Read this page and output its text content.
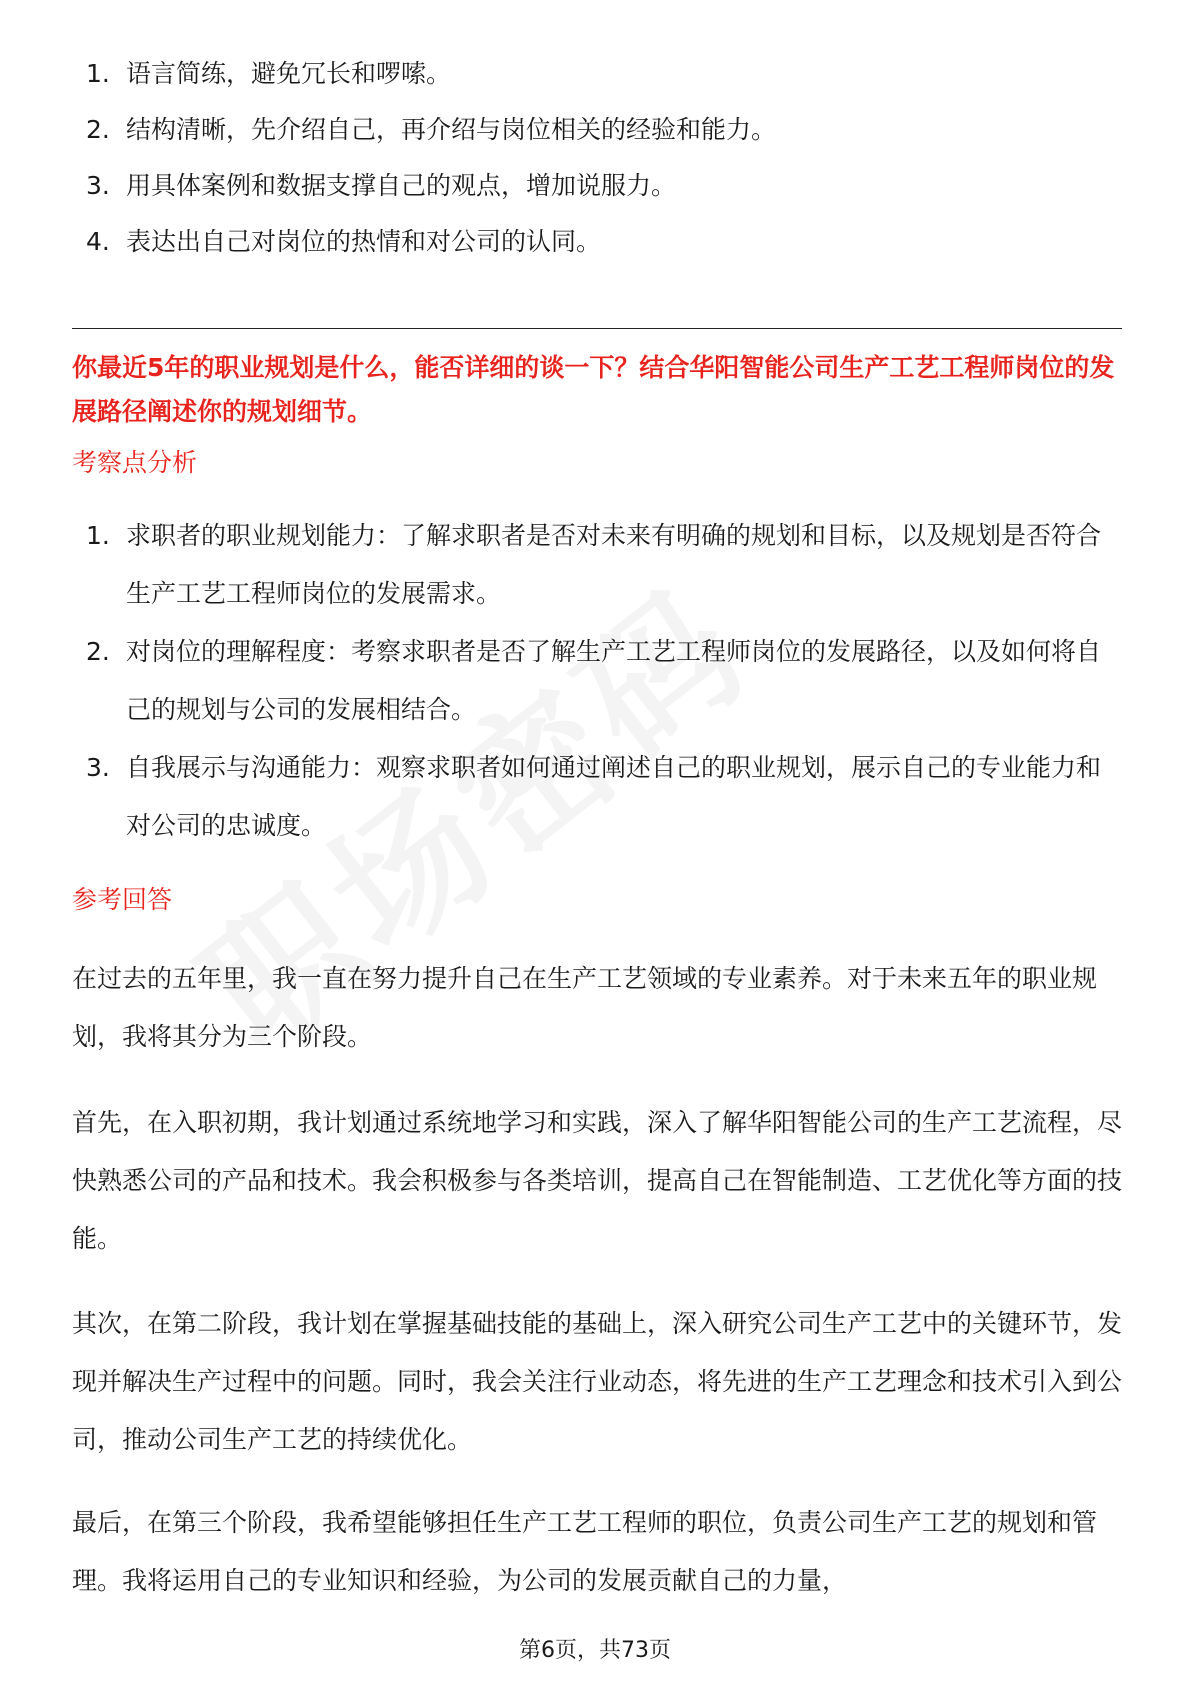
1. 语言简练，避免冗长和啰嗦。
2. 结构清晰，先介绍自己，再介绍与岗位相关的经验和能力。
3. 用具体案例和数据支撑自己的观点，增加说服力。
4. 表达出自己对岗位的热情和对公司的认同。

你最近5年的职业规划是什么，能否详细的谈一下？结合华阳智能公司生产工艺工程师岗位的发展路径阐述你的规划细节。

考察点分析

1. 求职者的职业规划能力：了解求职者是否对未来有明确的规划和目标，以及规划是否符合生产工艺工程师岗位的发展需求。
2. 对岗位的理解程度：考察求职者是否了解生产工艺工程师岗位的发展路径，以及如何将自己的规划与公司的发展相结合。
3. 自我展示与沟通能力：观察求职者如何通过阐述自己的职业规划，展示自己的专业能力和对公司的忠诚度。

参考回答

在过去的五年里，我一直在努力提升自己在生产工艺领域的专业素养。对于未来五年的职业规划，我将其分为三个阶段。

首先，在入职初期，我计划通过系统地学习和实践，深入了解华阳智能公司的生产工艺流程，尽快熟悉公司的产品和技术。我会积极参与各类培训，提高自己在智能制造、工艺优化等方面的技能。

其次，在第二阶段，我计划在掌握基础技能的基础上，深入研究公司生产工艺中的关键环节，发现并解决生产过程中的问题。同时，我会关注行业动态，将先进的生产工艺理念和技术引入到公司，推动公司生产工艺的持续优化。

最后，在第三个阶段，我希望能够担任生产工艺工程师的职位，负责公司生产工艺的规划和管理。我将运用自己的专业知识和经验，为公司的发展贡献自己的力量，

第6页，共73页
